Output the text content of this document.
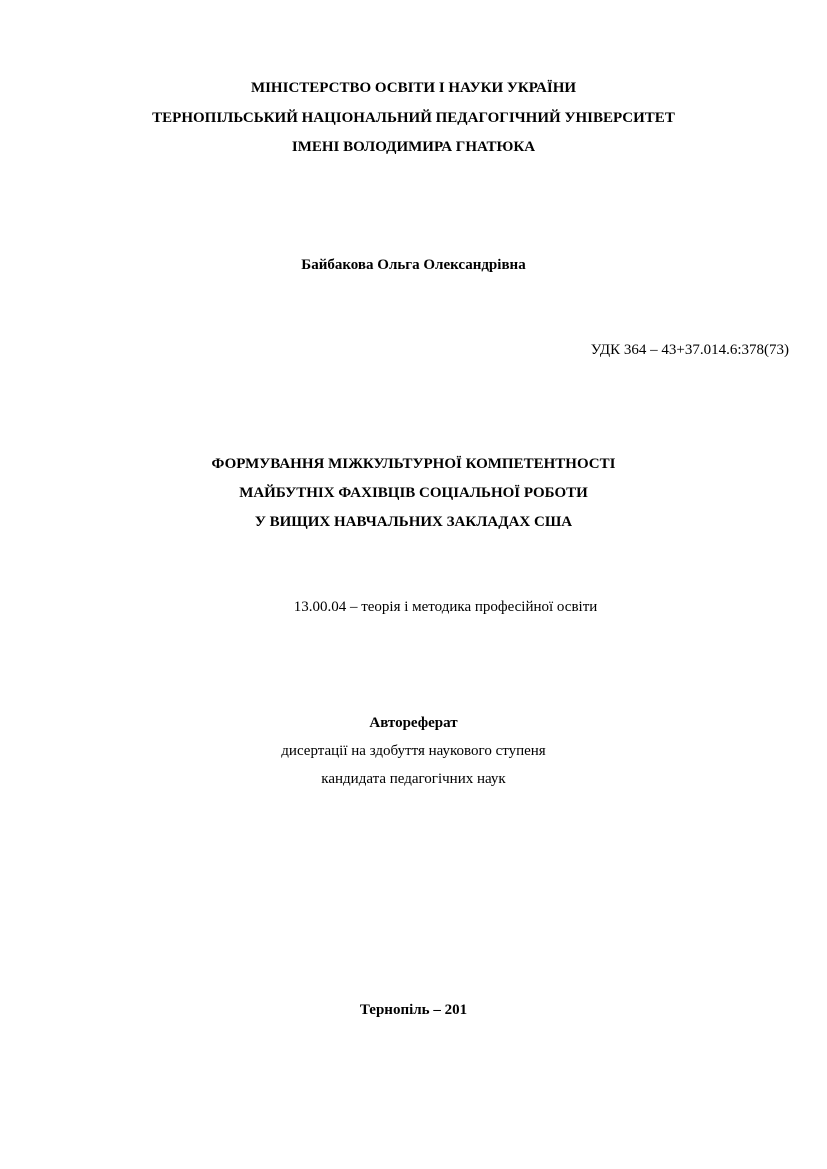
МІНІСТЕРСТВО ОСВІТИ І НАУКИ УКРАЇНИ
ТЕРНОПІЛЬСЬКИЙ НАЦІОНАЛЬНИЙ ПЕДАГОГІЧНИЙ УНІВЕРСИТЕТ
ІМЕНІ ВОЛОДИМИРА ГНАТЮКА
Байбакова Ольга Олександрівна
УДК 364 – 43+37.014.6:378(73)
ФОРМУВАННЯ МІЖКУЛЬТУРНОЇ КОМПЕТЕНТНОСТІ
МАЙБУТНІХ ФАХІВЦІВ СОЦІАЛЬНОЇ РОБОТИ
У ВИЩИХ НАВЧАЛЬНИХ ЗАКЛАДАХ США
13.00.04 – теорія і методика професійної освіти
Автореферат
дисертації на здобуття наукового ступеня
кандидата педагогічних наук
Тернопіль – 201
